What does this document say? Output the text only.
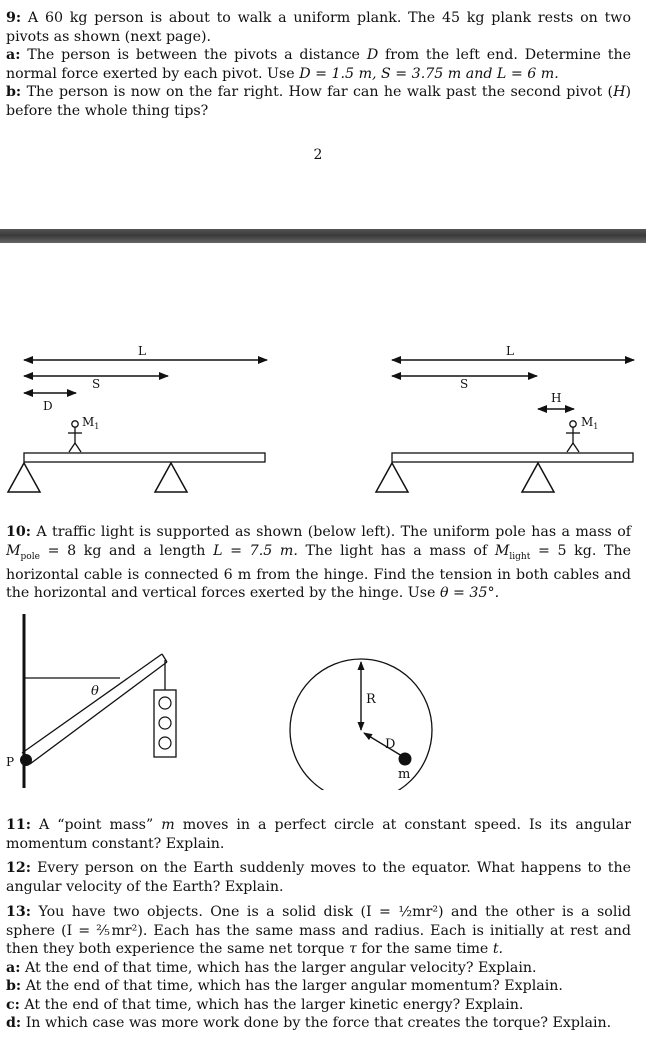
9: A 60 kg person is about to walk a uniform plank. The 45 kg plank rests on two pivots as shown (next page).
a: The person is between the pivots a distance D from the left end. Determine the normal force exerted by each pivot. Use D = 1.5 m, S = 3.75 m and L = 6 m.
b: The person is now on the far right. How far can he walk past the second pivot (H) before the whole thing tips?

2
L
S
D
$M_1$
L
S
H
$M_1$

10: A traffic light is supported as shown (below left). The uniform pole has a mass of $M_{pole} = 8$ kg and a length L = 7.5 m. The light has a mass of $M_{light} = 5$ kg. The horizontal cable is connected 6 m from the hinge. Find the tension in both cables and the horizontal and vertical forces exerted by the hinge. Use θ = 35°.

θ
P
R
D
m

11: A “point mass” m moves in a perfect circle at constant speed. Is its angular momentum constant? Explain.

12: Every person on the Earth suddenly moves to the equator. What happens to the angular velocity of the Earth? Explain.

13: You have two objects. One is a solid disk (I = ½mr²) and the other is a solid sphere (I = ⅖mr²). Each has the same mass and radius. Each is initially at rest and then they both experience the same net torque τ for the same time t.
a: At the end of that time, which has the larger angular velocity? Explain.
b: At the end of that time, which has the larger angular momentum? Explain.
c: At the end of that time, which has the larger kinetic energy? Explain.
d: In which case was more work done by the force that creates the torque? Explain.
